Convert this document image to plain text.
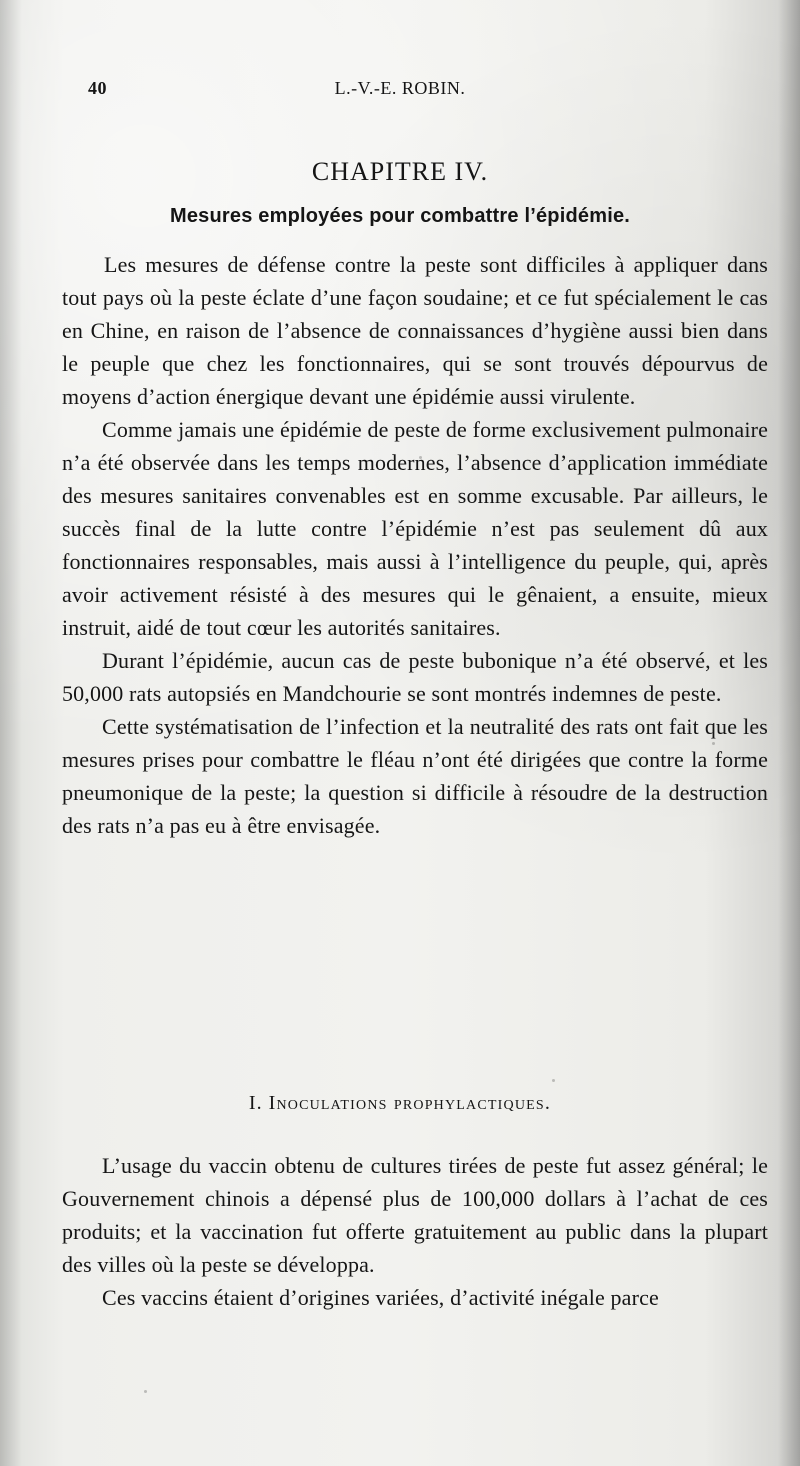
40	L.-V.-E. ROBIN.
CHAPITRE IV.
Mesures employées pour combattre l’épidémie.

Les mesures de défense contre la peste sont difficiles à appliquer dans tout pays où la peste éclate d’une façon soudaine; et ce fut spécialement le cas en Chine, en raison de l’absence de connaissances d’hygiène aussi bien dans le peuple que chez les fonctionnaires, qui se sont trouvés dépourvus de moyens d’action énergique devant une épidémie aussi virulente.

Comme jamais une épidémie de peste de forme exclusivement pulmonaire n’a été observée dans les temps modernes, l’absence d’application immédiate des mesures sanitaires convenables est en somme excusable. Par ailleurs, le succès final de la lutte contre l’épidémie n’est pas seulement dû aux fonctionnaires responsables, mais aussi à l’intelligence du peuple, qui, après avoir activement résisté à des mesures qui le gênaient, a ensuite, mieux instruit, aidé de tout cœur les autorités sanitaires.

Durant l’épidémie, aucun cas de peste bubonique n’a été observé, et les 50,000 rats autopsiés en Mandchourie se sont montrés indemnes de peste.

Cette systématisation de l’infection et la neutralité des rats ont fait que les mesures prises pour combattre le fléau n’ont été dirigées que contre la forme pneumonique de la peste; la question si difficile à résoudre de la destruction des rats n’a pas eu à être envisagée.

I. Inoculations prophylactiques.

L’usage du vaccin obtenu de cultures tirées de peste fut assez général; le Gouvernement chinois a dépensé plus de 100,000 dollars à l’achat de ces produits; et la vaccination fut offerte gratuitement au public dans la plupart des villes où la peste se développa.

Ces vaccins étaient d’origines variées, d’activité inégale parce
